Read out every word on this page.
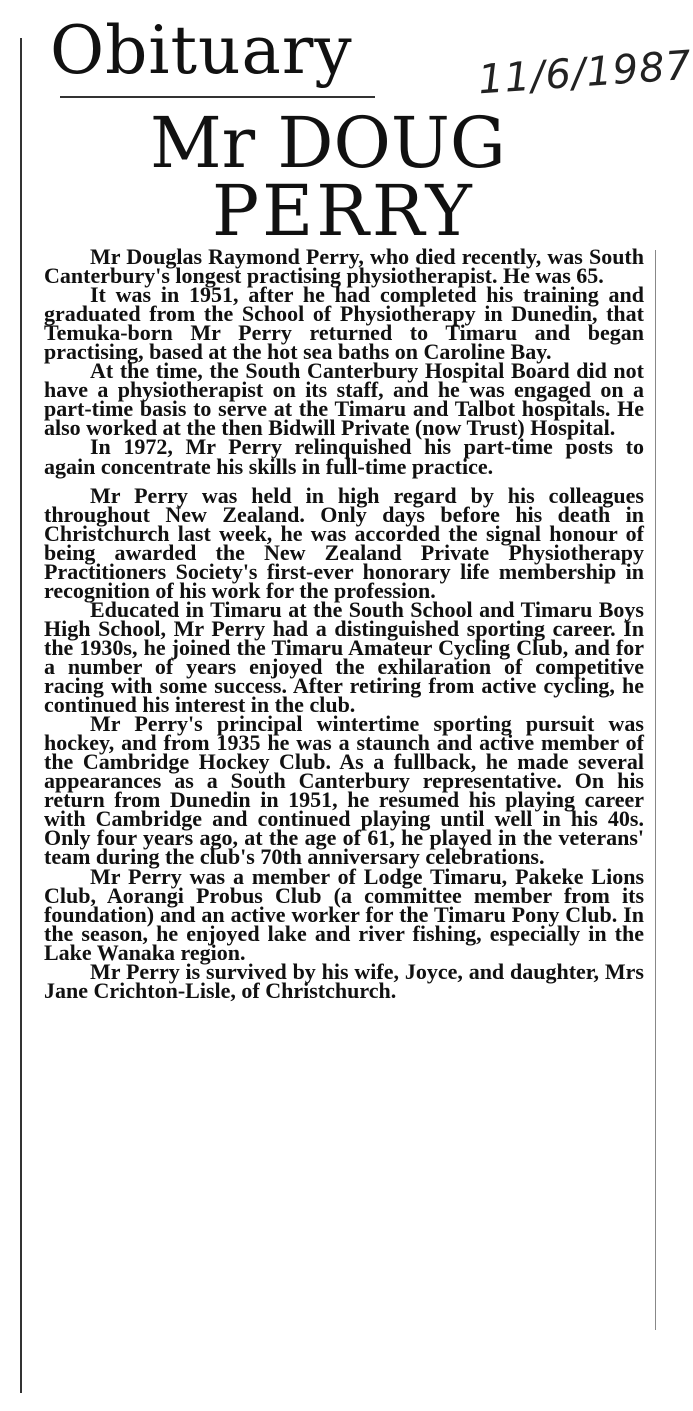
Obituary	11/6/1987
Mr DOUG
PERRY

Mr Douglas Raymond Perry, who died recently, was South Canterbury's longest practising physiotherapist. He was 65.

It was in 1951, after he had completed his training and graduated from the School of Physiotherapy in Dunedin, that Temuka-born Mr Perry returned to Timaru and began practising, based at the hot sea baths on Caroline Bay.

At the time, the South Canterbury Hospital Board did not have a physiotherapist on its staff, and he was engaged on a part-time basis to serve at the Timaru and Talbot hospitals. He also worked at the then Bidwill Private (now Trust) Hospital.

In 1972, Mr Perry relinquished his part-time posts to again concentrate his skills in full-time practice.

Mr Perry was held in high regard by his colleagues throughout New Zealand. Only days before his death in Christchurch last week, he was accorded the signal honour of being awarded the New Zealand Private Physiotherapy Practitioners Society's first-ever honorary life membership in recognition of his work for the profession.

Educated in Timaru at the South School and Timaru Boys High School, Mr Perry had a distinguished sporting career. In the 1930s, he joined the Timaru Amateur Cycling Club, and for a number of years enjoyed the exhilaration of competitive racing with some success. After retiring from active cycling, he continued his interest in the club.

Mr Perry's principal wintertime sporting pursuit was hockey, and from 1935 he was a staunch and active member of the Cambridge Hockey Club. As a fullback, he made several appearances as a South Canterbury representative. On his return from Dunedin in 1951, he resumed his playing career with Cambridge and continued playing until well in his 40s. Only four years ago, at the age of 61, he played in the veterans' team during the club's 70th anniversary celebrations.

Mr Perry was a member of Lodge Timaru, Pakeke Lions Club, Aorangi Probus Club (a committee member from its foundation) and an active worker for the Timaru Pony Club. In the season, he enjoyed lake and river fishing, especially in the Lake Wanaka region.

Mr Perry is survived by his wife, Joyce, and daughter, Mrs Jane Crichton-Lisle, of Christchurch.
